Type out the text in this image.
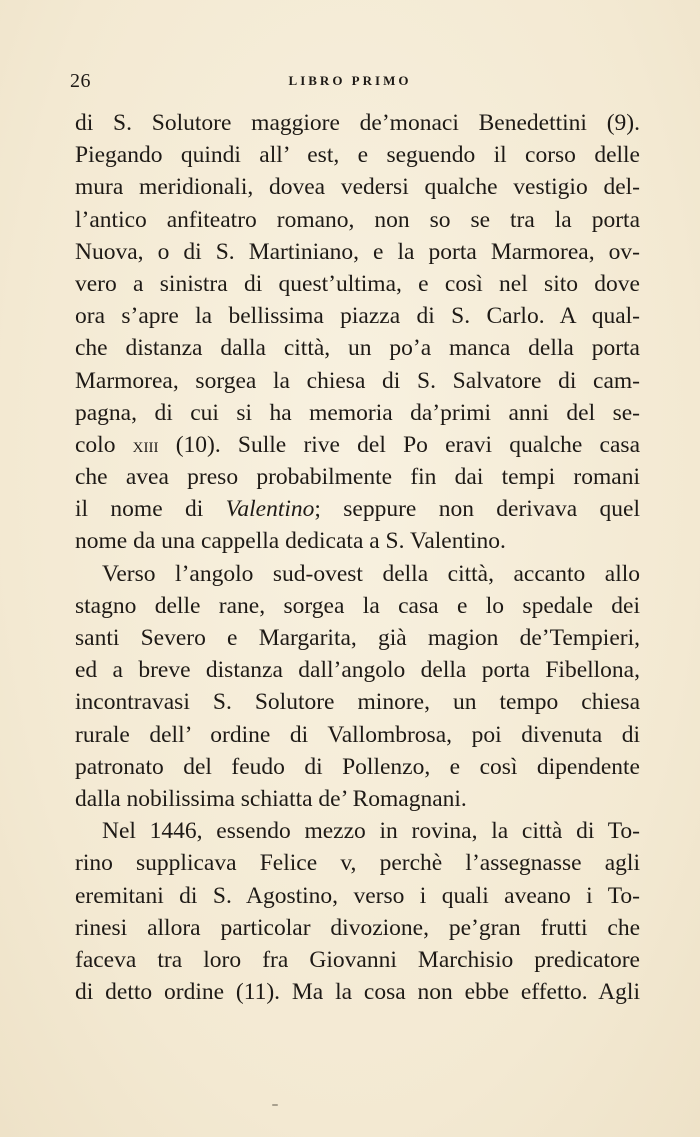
26	LIBRO PRIMO
di S. Solutore maggiore de’monaci Benedettini (9).
Piegando quindi all’ est, e seguendo il corso delle
mura meridionali, dovea vedersi qualche vestigio del-
l’antico anfiteatro romano, non so se tra la porta
Nuova, o di S. Martiniano, e la porta Marmorea, ov-
vero a sinistra di quest’ultima, e così nel sito dove
ora s’apre la bellissima piazza di S. Carlo. A qual-
che distanza dalla città, un po’a manca della porta
Marmorea, sorgea la chiesa di S. Salvatore di cam-
pagna, di cui si ha memoria da’primi anni del se-
colo xiii (10). Sulle rive del Po eravi qualche casa
che avea preso probabilmente fin dai tempi romani
il nome di Valentino; seppure non derivava quel
nome da una cappella dedicata a S. Valentino.
Verso l’angolo sud-ovest della città, accanto allo
stagno delle rane, sorgea la casa e lo spedale dei
santi Severo e Margarita, già magion de’Tempieri,
ed a breve distanza dall’angolo della porta Fibellona,
incontravasi S. Solutore minore, un tempo chiesa
rurale dell’ ordine di Vallombrosa, poi divenuta di
patronato del feudo di Pollenzo, e così dipendente
dalla nobilissima schiatta de’ Romagnani.
Nel 1446, essendo mezzo in rovina, la città di To-
rino supplicava Felice v, perchè l’assegnasse agli
eremitani di S. Agostino, verso i quali aveano i To-
rinesi allora particolar divozione, pe’gran frutti che
faceva tra loro fra Giovanni Marchisio predicatore
di detto ordine (11). Ma la cosa non ebbe effetto. Agli
